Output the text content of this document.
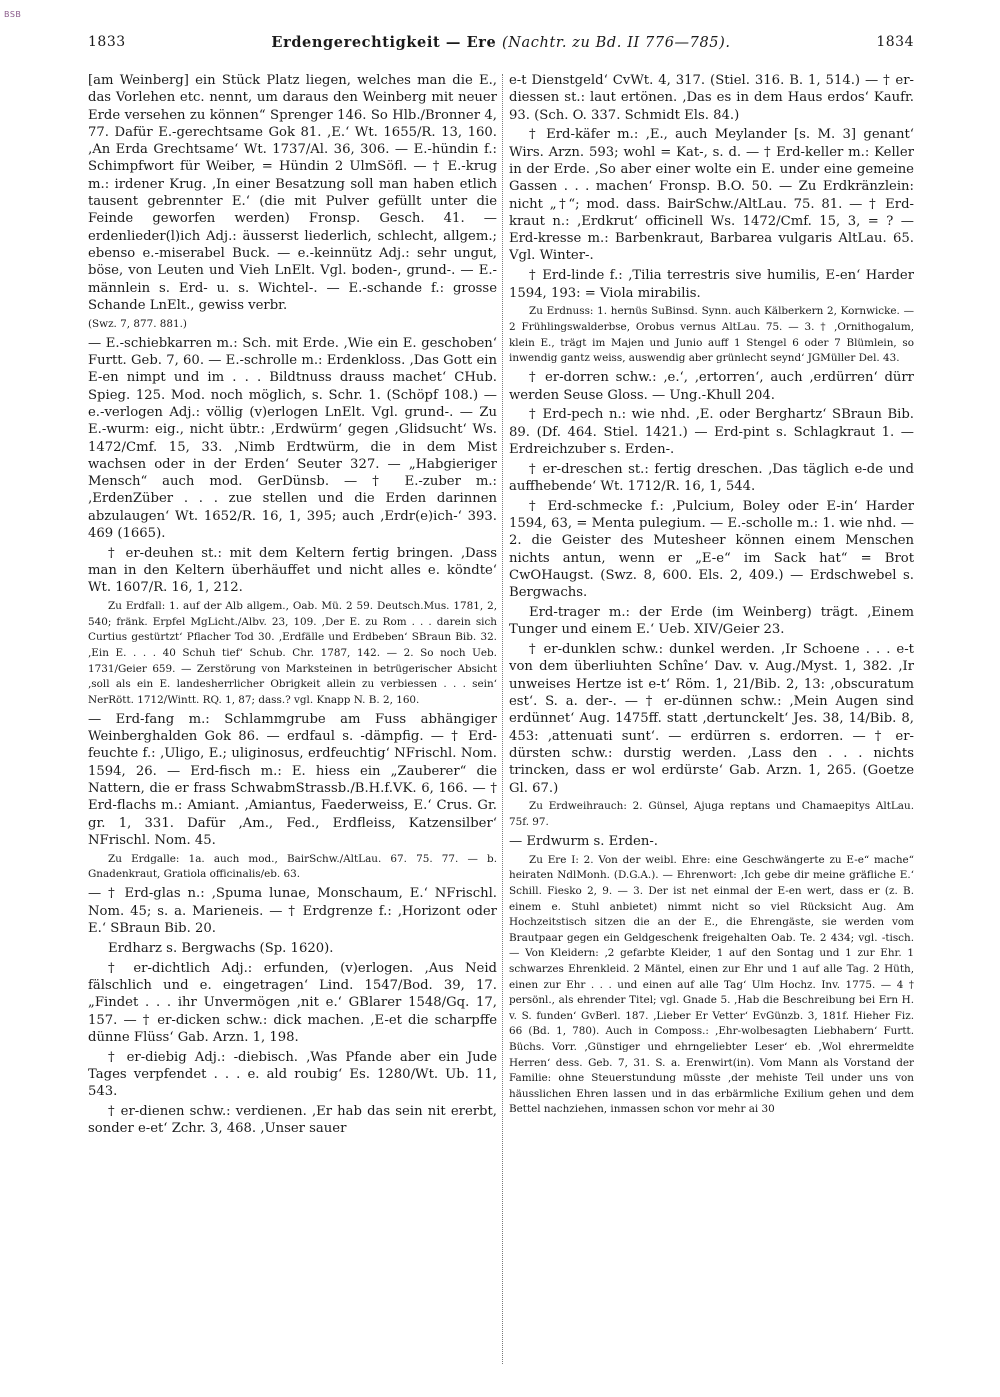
BSB
1833	Erdengerechtigkeit — Ere (Nachtr. zu Bd. II 776—785).	1834

[am Weinberg] ein Stück Platz liegen, welches man die E., das Vorlehen etc. nennt, um daraus den Weinberg mit neuer Erde versehen zu können“ Sprenger 146. So Hlb./Bronner 4, 77. Dafür E.-gerechtsame Gok 81. ‚E.‘ Wt. 1655/R. 13, 160. ‚An Erda Grechtsame‘ Wt. 1737/Al. 36, 306. — E.-hündin f.: Schimpfwort für Weiber, = Hündin 2 UlmSöfl. — † E.-krug m.: irdener Krug. ‚In einer Besatzung soll man haben etlich tausent gebrennter E.‘ (die mit Pulver gefüllt unter die Feinde geworfen werden) Fronsp. Gesch. 41. — erdenlieder(l)ich Adj.: äusserst liederlich, schlecht, allgem.; ebenso e.-miserabel Buck. — e.-keinnütz Adj.: sehr ungut, böse, von Leuten und Vieh LnElt. Vgl. boden-, grund-. — E.-männlein s. Erd- u. s. Wichtel-. — E.-schande f.: grosse Schande LnElt., gewiss verbr.

(Swz. 7, 877. 881.)

— E.-schiebkarren m.: Sch. mit Erde. ‚Wie ein E. geschoben‘ Furtt. Geb. 7, 60. — E.-schrolle m.: Erdenkloss. ‚Das Gott ein E-en nimpt und im . . . Bildtnuss drauss machet‘ CHub. Spieg. 125. Mod. noch möglich, s. Schr. 1. (Schöpf 108.) — e.-verlogen Adj.: völlig (v)erlogen LnElt. Vgl. grund-. — Zu E.-wurm: eig., nicht übtr.: ‚Erdwürm‘ gegen ‚Glidsucht‘ Ws. 1472/Cmf. 15, 33. ‚Nimb Erdtwürm, die in dem Mist wachsen oder in der Erden‘ Seuter 327. — „Habgieriger Mensch“ auch mod. GerDünsb. — † E.-zuber m.: ‚ErdenZüber . . . zue stellen und die Erden darinnen abzulaugen‘ Wt. 1652/R. 16, 1, 395; auch ‚Erdr(e)ich-‘ 393. 469 (1665).

† er-deuhen st.: mit dem Keltern fertig bringen. ‚Dass man in den Keltern überhäuffet und nicht alles e. köndte‘ Wt. 1607/R. 16, 1, 212.

Zu Erdfall: 1. auf der Alb allgem., Oab. Mü. 2 59. Deutsch.Mus. 1781, 2, 540; fränk. Erpfel MgLicht./Albv. 23, 109. ‚Der E. zu Rom . . . darein sich Curtius gestürtzt‘ Pflacher Tod 30. ‚Erdfälle und Erdbeben‘ SBraun Bib. 32. ‚Ein E. . . . 40 Schuh tief‘ Schub. Chr. 1787, 142. — 2. So noch Ueb. 1731/Geier 659. — Zerstörung von Marksteinen in betrügerischer Absicht ‚soll als ein E. landesherrlicher Obrigkeit allein zu verbiessen . . . sein‘ NerRött. 1712/Wintt. RQ. 1, 87; dass.? vgl. Knapp N. B. 2, 160.

— Erd-fang m.: Schlammgrube am Fuss abhängiger Weinberghalden Gok 86. — erdfaul s. -dämpfig. — † Erd-feuchte f.: ‚Uligo, E.; uliginosus, erdfeuchtig‘ NFrischl. Nom. 1594, 26. — Erd-fisch m.: E. hiess ein „Zauberer“ die Nattern, die er frass SchwabmStrassb./B.H.f.VK. 6, 166. — † Erd-flachs m.: Amiant. ‚Amiantus, Faederweiss, E.‘ Crus. Gr. gr. 1, 331. Dafür ‚Am., Fed., Erdfleiss, Katzensilber‘ NFrischl. Nom. 45.

Zu Erdgalle: 1a. auch mod., BairSchw./AltLau. 67. 75. 77. — b. Gnadenkraut, Gratiola officinalis/eb. 63.

— † Erd-glas n.: ‚Spuma lunae, Monschaum, E.‘ NFrischl. Nom. 45; s. a. Marieneis. — † Erdgrenze f.: ‚Horizont oder E.‘ SBraun Bib. 20.

Erdharz s. Bergwachs (Sp. 1620).

† er-dichtlich Adj.: erfunden, (v)erlogen. ‚Aus Neid fälschlich und e. eingetragen‘ Lind. 1547/Bod. 39, 17. „Findet . . . ihr Unvermögen ‚nit e.‘ GBlarer 1548/Gq. 17, 157. — † er-dicken schw.: dick machen. ‚E-et die scharpffe dünne Flüss‘ Gab. Arzn. 1, 198.

† er-diebig Adj.: -diebisch. ‚Was Pfande aber ein Jude Tages verpfendet . . . e. ald roubig‘ Es. 1280/Wt. Ub. 11, 543.

† er-dienen schw.: verdienen. ‚Er hab das sein nit ererbt, sonder e-et‘ Zchr. 3, 468. ‚Unser sauer

e-t Dienstgeld‘ CvWt. 4, 317. (Stiel. 316. B. 1, 514.) — † er-diessen st.: laut ertönen. ‚Das es in dem Haus erdos‘ Kaufr. 93. (Sch. O. 337. Schmidt Els. 84.)

† Erd-käfer m.: ‚E., auch Meylander [s. M. 3] genant‘ Wirs. Arzn. 593; wohl = Kat-, s. d. — † Erd-keller m.: Keller in der Erde. ‚So aber einer wolte ein E. under eine gemeine Gassen . . . machen‘ Fronsp. B.O. 50. — Zu Erdkränzlein: nicht „†“; mod. dass. BairSchw./AltLau. 75. 81. — † Erd-kraut n.: ‚Erdkrut‘ officinell Ws. 1472/Cmf. 15, 3, = ? — Erd-kresse m.: Barbenkraut, Barbarea vulgaris AltLau. 65. Vgl. Winter-.

† Erd-linde f.: ‚Tilia terrestris sive humilis, E-en‘ Harder 1594, 193: = Viola mirabilis.

Zu Erdnuss: 1. hernüs SuBinsd. Synn. auch Kälberkern 2, Kornwicke. — 2 Frühlingswalderbse, Orobus vernus AltLau. 75. — 3. † ‚Ornithogalum, klein E., trägt im Majen und Junio auff 1 Stengel 6 oder 7 Blümlein, so inwendig gantz weiss, auswendig aber grünlecht seynd‘ JGMüller Del. 43.

† er-dorren schw.: ‚e.‘, ‚ertorren‘, auch ‚erdürren‘ dürr werden Seuse Gloss. — Ung.-Khull 204.

† Erd-pech n.: wie nhd. ‚E. oder Berghartz‘ SBraun Bib. 89. (Df. 464. Stiel. 1421.) — Erd-pint s. Schlagkraut 1. — Erdreichzuber s. Erden-.

† er-dreschen st.: fertig dreschen. ‚Das täglich e-de und auffhebende‘ Wt. 1712/R. 16, 1, 544.

† Erd-schmecke f.: ‚Pulcium, Boley oder E-in‘ Harder 1594, 63, = Menta pulegium. — E.-scholle m.: 1. wie nhd. — 2. die Geister des Mutesheer können einem Menschen nichts antun, wenn er „E-e“ im Sack hat“ = Brot CwOHaugst. (Swz. 8, 600. Els. 2, 409.) — Erdschwebel s. Bergwachs.

Erd-trager m.: der Erde (im Weinberg) trägt. ‚Einem Tunger und einem E.‘ Ueb. XIV/Geier 23.

† er-dunklen schw.: dunkel werden. ‚Ir Schoene . . . e-t von dem überliuhten Schîne‘ Dav. v. Aug./Myst. 1, 382. ‚Ir unweises Hertze ist e-t‘ Röm. 1, 21/Bib. 2, 13: ‚obscuratum est‘. S. a. der-. — † er-dünnen schw.: ‚Mein Augen sind erdünnet‘ Aug. 1475ff. statt ‚dertunckelt‘ Jes. 38, 14/Bib. 8, 453: ‚attenuati sunt‘. — erdürren s. erdorren. — † er-dürsten schw.: durstig werden. ‚Lass den . . . nichts trincken, dass er wol erdürste‘ Gab. Arzn. 1, 265. (Goetze Gl. 67.)

Zu Erdweihrauch: 2. Günsel, Ajuga reptans und Chamaepitys AltLau. 75f. 97.

— Erdwurm s. Erden-.

Zu Ere I: 2. Von der weibl. Ehre: eine Geschwängerte zu E-e“ mache“ heiraten NdlMonh. (D.G.A.). — Ehrenwort: ‚Ich gebe dir meine gräfliche E.‘ Schill. Fiesko 2, 9. — 3. Der ist net einmal der E-en wert, dass er (z. B. einem e. Stuhl anbietet) nimmt nicht so viel Rücksicht Aug. Am Hochzeitstisch sitzen die an der E., die Ehrengäste, sie werden vom Brautpaar gegen ein Geldgeschenk freigehalten Oab. Te. 2 434; vgl. -tisch. — Von Kleidern: ‚2 gefarbte Kleider, 1 auf den Sontag und 1 zur Ehr. 1 schwarzes Ehrenkleid. 2 Mäntel, einen zur Ehr und 1 auf alle Tag. 2 Hüth, einen zur Ehr . . . und einen auf alle Tag‘ Ulm Hochz. Inv. 1775. — 4 † persönl., als ehrender Titel; vgl. Gnade 5. ‚Hab die Beschreibung bei Ern H. v. S. funden‘ GvBerl. 187. ‚Lieber Er Vetter‘ EvGünzb. 3, 181f. Hieher Fiz. 66 (Bd. 1, 780). Auch in Composs.: ‚Ehr-wolbesagten Liebhabern‘ Furtt. Büchs. Vorr. ‚Günstiger und ehrngeliebter Leser‘ eb. ‚Wol ehrermeldte Herren‘ dess. Geb. 7, 31. S. a. Erenwirt(in). Vom Mann als Vorstand der Familie: ohne Steuerstundung müsste ‚der mehiste Teil under uns von häusslichen Ehren lassen und in das erbärmliche Exilium gehen und dem Bettel nachziehen, inmassen schon vor mehr ai 30
